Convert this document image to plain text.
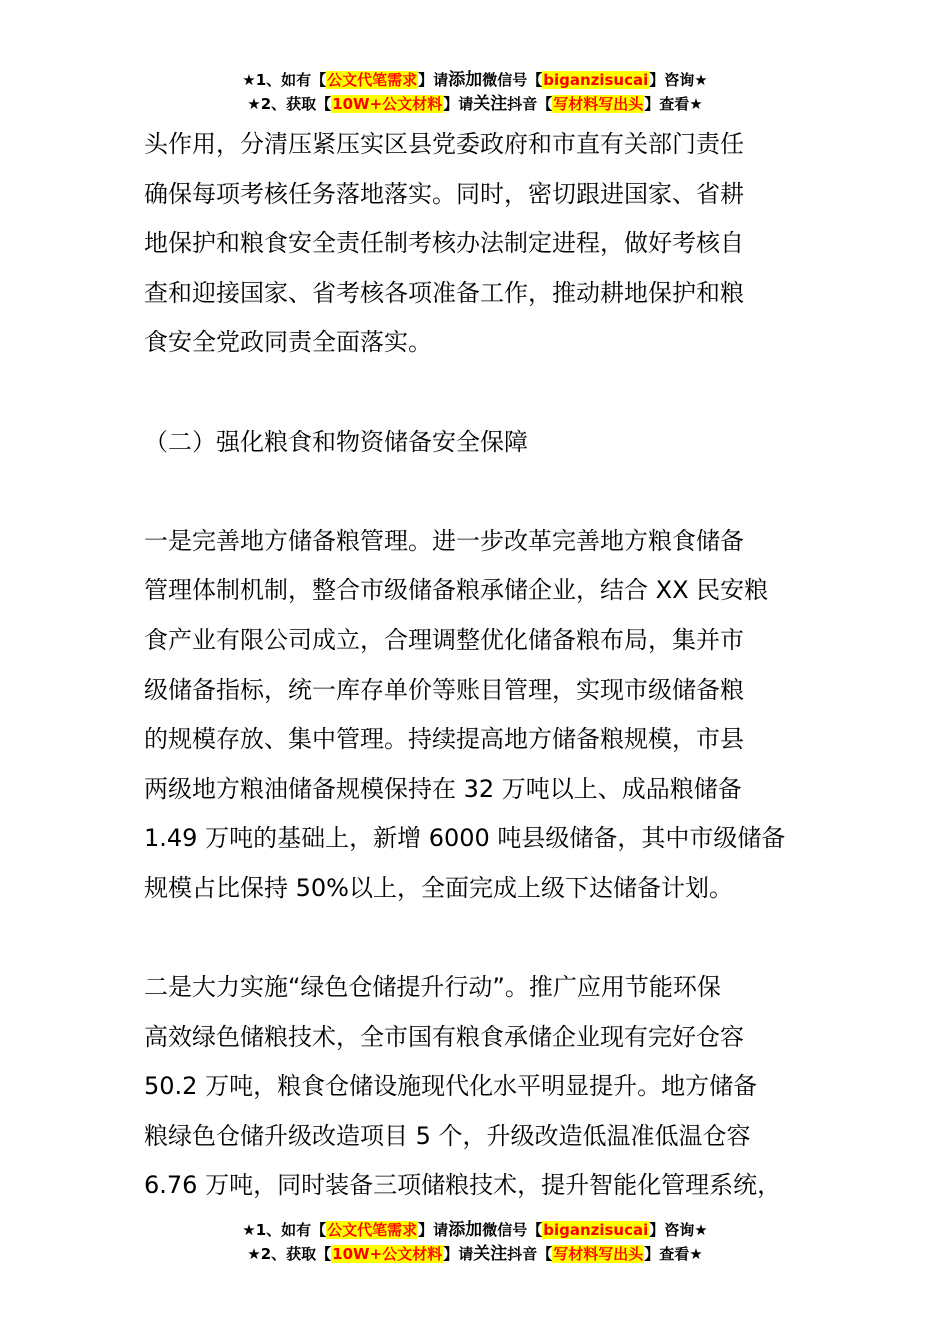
★1、如有【公文代笔需求】请添加微信号【biganzisucai】咨询★
★2、获取【10W+公文材料】请关注抖音【写材料写出头】查看★
头作用，分清压紧压实区县党委政府和市直有关部门责任
确保每项考核任务落地落实。同时，密切跟进国家、省耕
地保护和粮食安全责任制考核办法制定进程，做好考核自
查和迎接国家、省考核各项准备工作，推动耕地保护和粮
食安全党政同责全面落实。
（二）强化粮食和物资储备安全保障
一是完善地方储备粮管理。进一步改革完善地方粮食储备
管理体制机制，整合市级储备粮承储企业，结合 XX 民安粮
食产业有限公司成立，合理调整优化储备粮布局，集并市
级储备指标，统一库存单价等账目管理，实现市级储备粮
的规模存放、集中管理。持续提高地方储备粮规模，市县
两级地方粮油储备规模保持在 32 万吨以上、成品粮储备
1.49 万吨的基础上，新增 6000 吨县级储备，其中市级储备
规模占比保持 50%以上，全面完成上级下达储备计划。
二是大力实施“绿色仓储提升行动”。推广应用节能环保
高效绿色储粮技术，全市国有粮食承储企业现有完好仓容
50.2 万吨，粮食仓储设施现代化水平明显提升。地方储备
粮绿色仓储升级改造项目 5 个，升级改造低温准低温仓容
6.76 万吨，同时装备三项储粮技术，提升智能化管理系统，
★1、如有【公文代笔需求】请添加微信号【biganzisucai】咨询★
★2、获取【10W+公文材料】请关注抖音【写材料写出头】查看★
